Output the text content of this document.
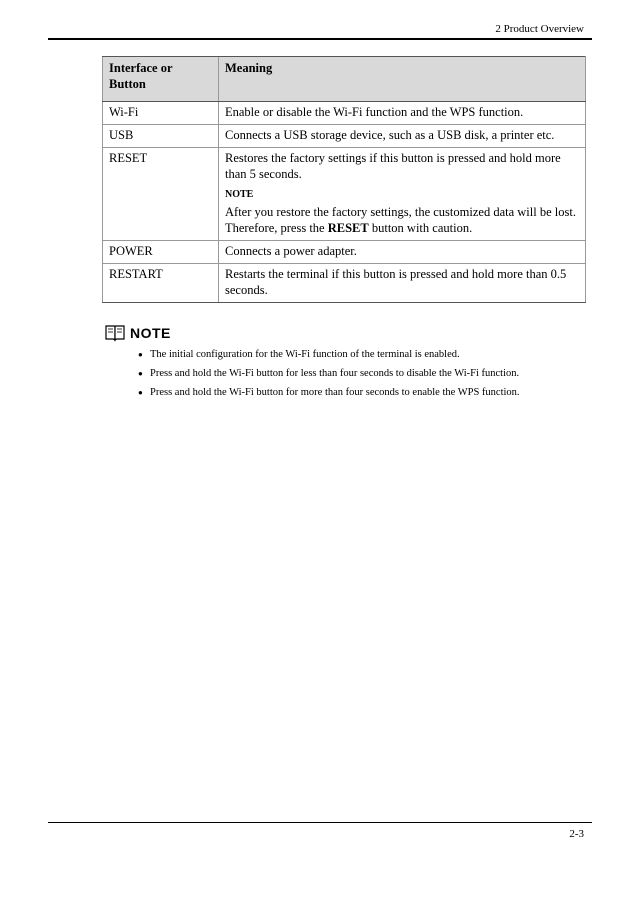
2 Product Overview
Interface or Button	Meaning
Wi-Fi	Enable or disable the Wi-Fi function and the WPS function.
USB	Connects a USB storage device, such as a USB disk, a printer etc.
RESET	Restores the factory settings if this button is pressed and hold more than 5 seconds.
NOTE
After you restore the factory settings, the customized data will be lost. Therefore, press the RESET button with caution.

POWER	Connects a power adapter.
RESTART	Restarts the terminal if this button is pressed and hold more than 0.5 seconds.
NOTE
● The initial configuration for the Wi-Fi function of the terminal is enabled.
● Press and hold the Wi-Fi button for less than four seconds to disable the Wi-Fi function.
● Press and hold the Wi-Fi button for more than four seconds to enable the WPS function.
2-3
